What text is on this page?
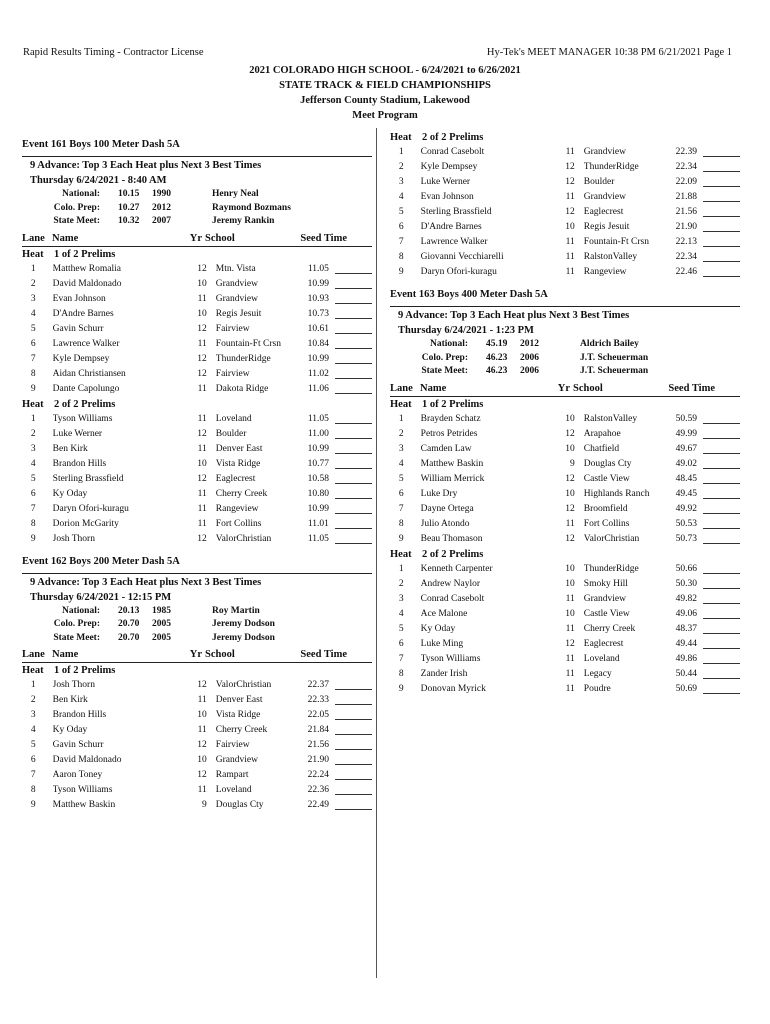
Rapid Results Timing - Contractor License	Hy-Tek's MEET MANAGER 10:38 PM 6/21/2021 Page 1
2021 COLORADO HIGH SCHOOL - 6/24/2021 to 6/26/2021
STATE TRACK & FIELD CHAMPIONSHIPS
Jefferson County Stadium, Lakewood
Meet Program
Event 161 Boys 100 Meter Dash 5A
9 Advance: Top 3 Each Heat plus Next 3 Best Times
Thursday 6/24/2021 - 8:40 AM
National: 10.15	1990	Henry Neal
Colo. Prep: 10.27	2012	Raymond Bozmans
State Meet: 10.32	2007	Jeremy Rankin
Lane Name	Yr School	Seed Time
Heat 1 of 2 Prelims
1 Matthew Romalia	12 Mtn. Vista	11.05
2 David Maldonado	10 Grandview	10.99
3 Evan Johnson	11 Grandview	10.93
4 D'Andre Barnes	10 Regis Jesuit	10.73
5 Gavin Schurr	12 Fairview	10.61
6 Lawrence Walker	11 Fountain-Ft Crsn	10.84
7 Kyle Dempsey	12 ThunderRidge	10.99
8 Aidan Christiansen	12 Fairview	11.02
9 Dante Capolungo	11 Dakota Ridge	11.06
Heat 2 of 2 Prelims
1 Tyson Williams	11 Loveland	11.05
2 Luke Werner	12 Boulder	11.00
3 Ben Kirk	11 Denver East	10.99
4 Brandon Hills	10 Vista Ridge	10.77
5 Sterling Brassfield	12 Eaglecrest	10.58
6 Ky Oday	11 Cherry Creek	10.80
7 Daryn Ofori-kuragu	11 Rangeview	10.99
8 Dorion McGarity	11 Fort Collins	11.01
9 Josh Thorn	12 ValorChristian	11.05
Event 162 Boys 200 Meter Dash 5A
9 Advance: Top 3 Each Heat plus Next 3 Best Times
Thursday 6/24/2021 - 12:15 PM
National: 20.13	1985	Roy Martin
Colo. Prep: 20.70	2005	Jeremy Dodson
State Meet: 20.70	2005	Jeremy Dodson
Lane Name	Yr School	Seed Time
Heat 1 of 2 Prelims
1 Josh Thorn	12 ValorChristian	22.37
2 Ben Kirk	11 Denver East	22.33
3 Brandon Hills	10 Vista Ridge	22.05
4 Ky Oday	11 Cherry Creek	21.84
5 Gavin Schurr	12 Fairview	21.56
6 David Maldonado	10 Grandview	21.90
7 Aaron Toney	12 Rampart	22.24
8 Tyson Williams	11 Loveland	22.36
9 Matthew Baskin	9 Douglas Cty	22.49
Heat 2 of 2 Prelims
1 Conrad Casebolt	11 Grandview	22.39
2 Kyle Dempsey	12 ThunderRidge	22.34
3 Luke Werner	12 Boulder	22.09
4 Evan Johnson	11 Grandview	21.88
5 Sterling Brassfield	12 Eaglecrest	21.56
6 D'Andre Barnes	10 Regis Jesuit	21.90
7 Lawrence Walker	11 Fountain-Ft Crsn	22.13
8 Giovanni Vecchiarelli	11 RalstonValley	22.34
9 Daryn Ofori-kuragu	11 Rangeview	22.46
Event 163 Boys 400 Meter Dash 5A
9 Advance: Top 3 Each Heat plus Next 3 Best Times
Thursday 6/24/2021 - 1:23 PM
National: 45.19	2012	Aldrich Bailey
Colo. Prep: 46.23	2006	J.T. Scheuerman
State Meet: 46.23	2006	J.T. Scheuerman
Lane Name	Yr School	Seed Time
Heat 1 of 2 Prelims
1 Brayden Schatz	10 RalstonValley	50.59
2 Petros Petrides	12 Arapahoe	49.99
3 Camden Law	10 Chatfield	49.67
4 Matthew Baskin	9 Douglas Cty	49.02
5 William Merrick	12 Castle View	48.45
6 Luke Dry	10 Highlands Ranch	49.45
7 Dayne Ortega	12 Broomfield	49.92
8 Julio Atondo	11 Fort Collins	50.53
9 Beau Thomason	12 ValorChristian	50.73
Heat 2 of 2 Prelims
1 Kenneth Carpenter	10 ThunderRidge	50.66
2 Andrew Naylor	10 Smoky Hill	50.30
3 Conrad Casebolt	11 Grandview	49.82
4 Ace Malone	10 Castle View	49.06
5 Ky Oday	11 Cherry Creek	48.37
6 Luke Ming	12 Eaglecrest	49.44
7 Tyson Williams	11 Loveland	49.86
8 Zander Irish	11 Legacy	50.44
9 Donovan Myrick	11 Poudre	50.69
